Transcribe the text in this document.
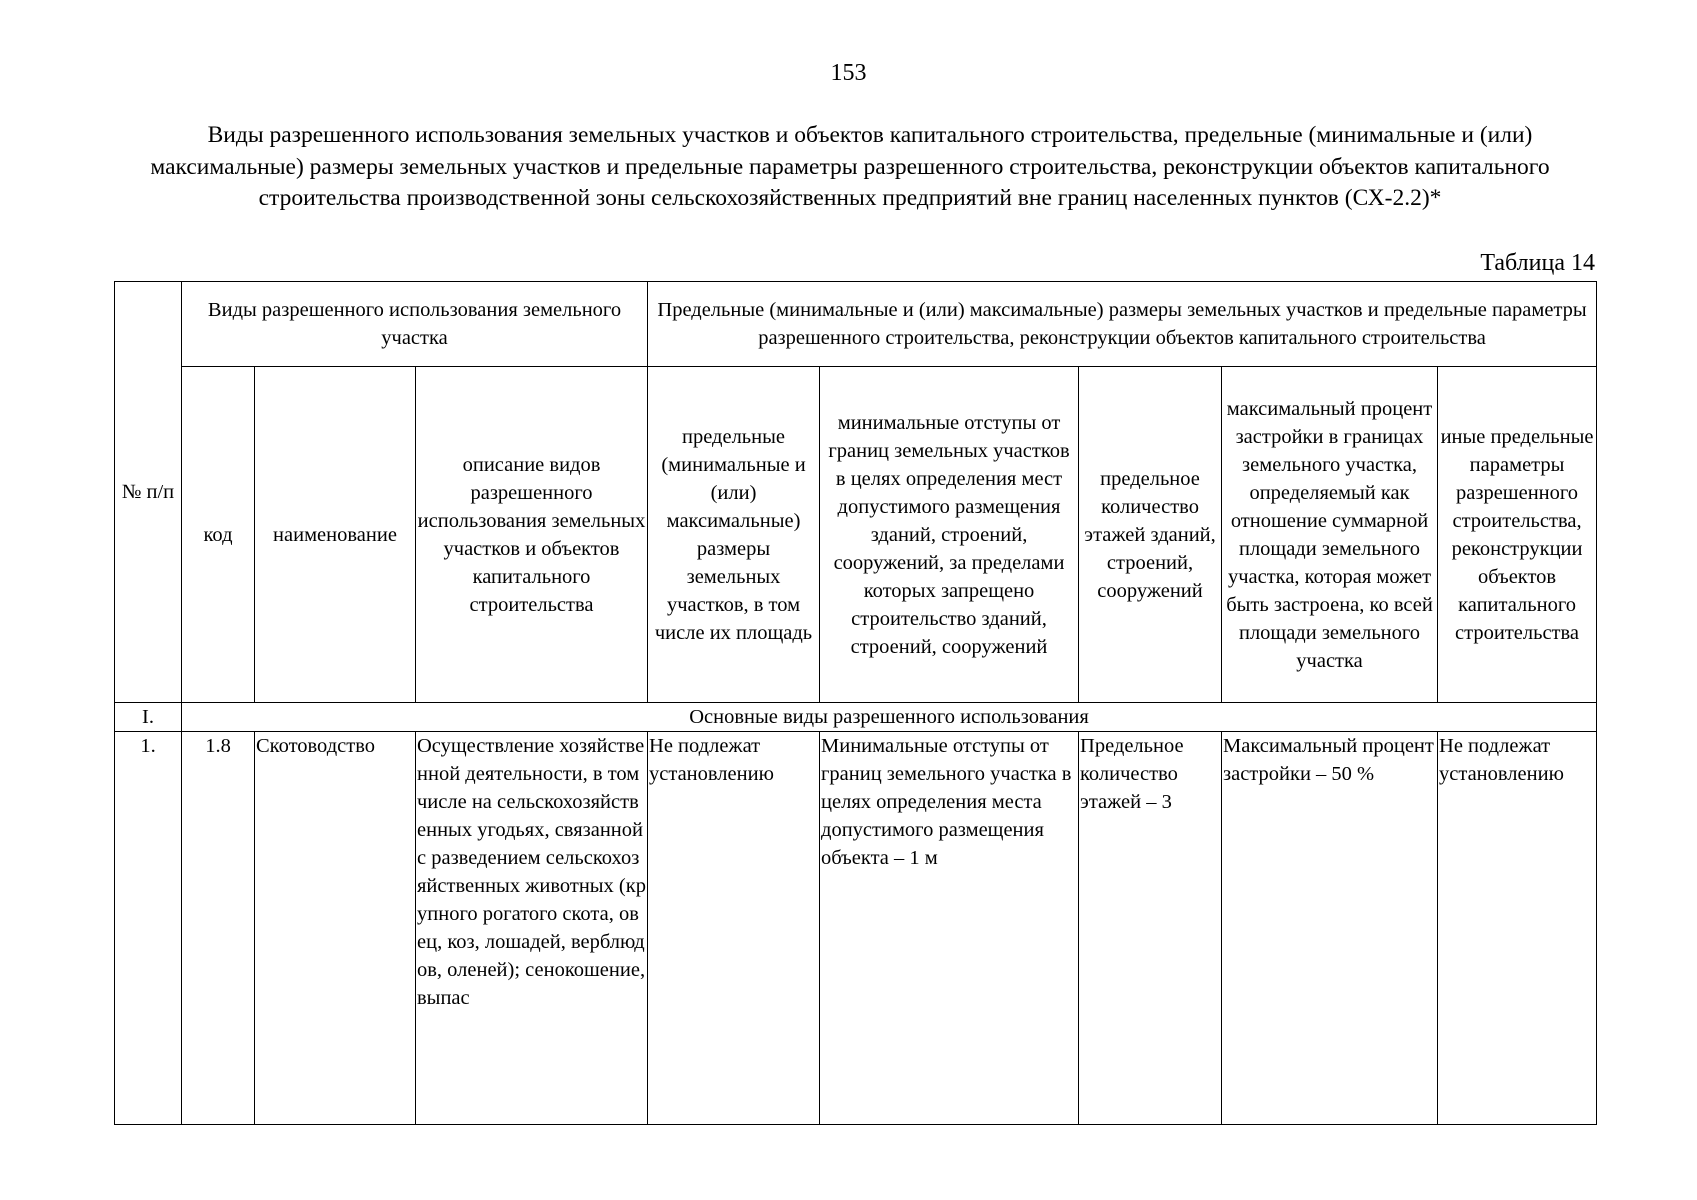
153
Виды разрешенного использования земельных участков и объектов капитального строительства, предельные (минимальные и (или) максимальные) размеры земельных участков и предельные параметры разрешенного строительства, реконструкции объектов капитального строительства производственной зоны сельскохозяйственных предприятий вне границ населенных пунктов (СХ-2.2)*
Таблица 14
№ п/п	Виды разрешенного использования земельного участка			Предельные (минимальные и (или) максимальные) размеры земельных участков и предельные параметры разрешенного строительства, реконструкции объектов капитального строительства				
	код	наименование	описание видов разрешенного использования земельных участков и объектов капитального строительства	предельные (минимальные и (или) максимальные) размеры земельных участков, в том числе их площадь	минимальные отступы от границ земельных участков в целях определения мест допустимого размещения зданий, строений, сооружений, за пределами которых запрещено строительство зданий, строений, сооружений	предельное количество этажей зданий, строений, сооружений	максимальный процент застройки в границах земельного участка, определяемый как отношение суммарной площади земельного участка, которая может быть застроена, ко всей площади земельного участка	иные предельные параметры разрешенного строительства, реконструкции объектов капитального строительства
I.	Основные виды разрешенного использования							
1.	1.8	Скотоводство	Осуществление хозяйственной деятельности, в том числе на сельскохозяйственных угодьях, связанной с разведением сельскохозяйственных животных (крупного рогатого скота, овец, коз, лошадей, верблюдов, оленей); сенокошение, выпас	Не подлежат установлению	Минимальные отступы от границ земельного участка в целях определения места допустимого размещения объекта – 1 м	Предельное количество этажей – 3	Максимальный процент застройки – 50 %	Не подлежат установлению
